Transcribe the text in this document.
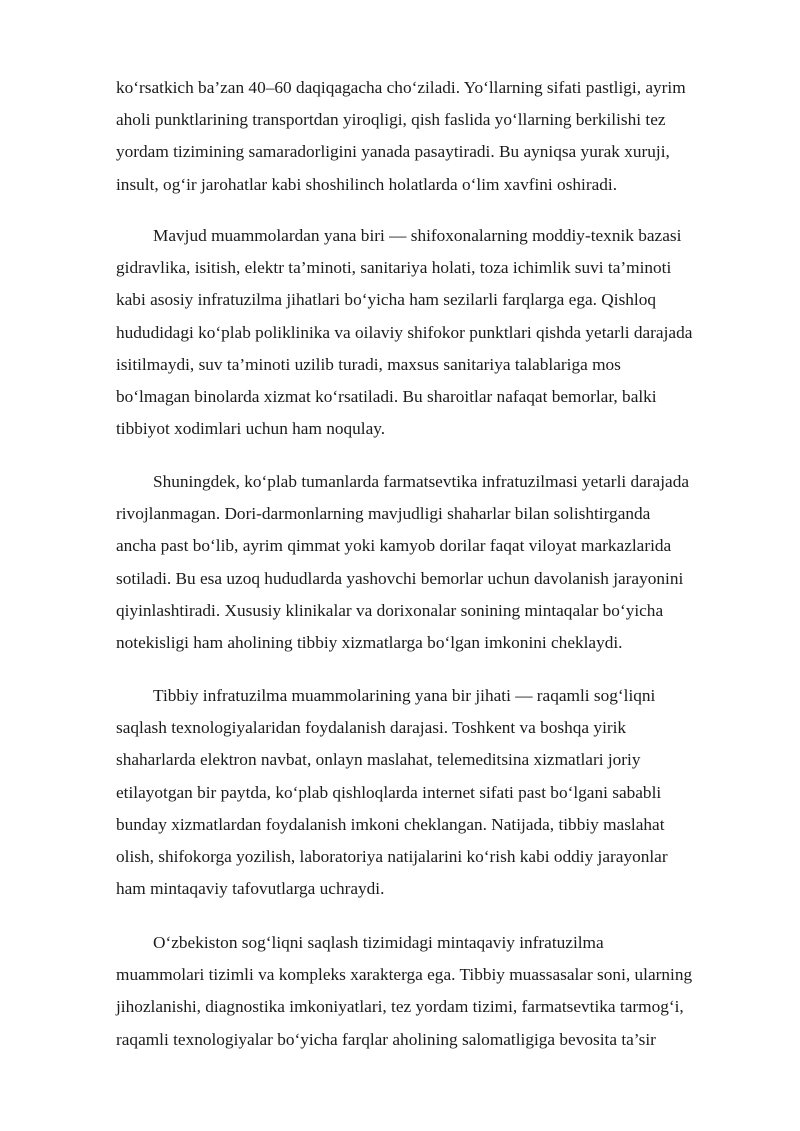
ko‘rsatkich ba’zan 40–60 daqiqagacha cho‘ziladi. Yo‘llarning sifati pastligi, ayrim
aholi punktlarining transportdan yiroqligi, qish faslida yo‘llarning berkilishi tez
yordam tizimining samaradorligini yanada pasaytiradi. Bu ayniqsa yurak xuruji,
insult, og‘ir jarohatlar kabi shoshilinch holatlarda o‘lim xavfini oshiradi.
Mavjud muammolardan yana biri — shifoxonalarning moddiy-texnik bazasi
gidravlika, isitish, elektr ta’minoti, sanitariya holati, toza ichimlik suvi ta’minoti
kabi asosiy infratuzilma jihatlari bo‘yicha ham sezilarli farqlarga ega. Qishloq
hududidagi ko‘plab poliklinika va oilaviy shifokor punktlari qishda yetarli darajada
isitilmaydi, suv ta’minoti uzilib turadi, maxsus sanitariya talablariga mos
bo‘lmagan binolarda xizmat ko‘rsatiladi. Bu sharoitlar nafaqat bemorlar, balki
tibbiyot xodimlari uchun ham noqulay.
Shuningdek, ko‘plab tumanlarda farmatsevtika infratuzilmasi yetarli darajada
rivojlanmagan. Dori-darmonlarning mavjudligi shaharlar bilan solishtirganda
ancha past bo‘lib, ayrim qimmat yoki kamyob dorilar faqat viloyat markazlarida
sotiladi. Bu esa uzoq hududlarda yashovchi bemorlar uchun davolanish jarayonini
qiyinlashtiradi. Xususiy klinikalar va dorixonalar sonining mintaqalar bo‘yicha
notekisligi ham aholining tibbiy xizmatlarga bo‘lgan imkonini cheklaydi.
Tibbiy infratuzilma muammolarining yana bir jihati — raqamli sog‘liqni
saqlash texnologiyalaridan foydalanish darajasi. Toshkent va boshqa yirik
shaharlarda elektron navbat, onlayn maslahat, telemeditsina xizmatlari joriy
etilayotgan bir paytda, ko‘plab qishloqlarda internet sifati past bo‘lgani sababli
bunday xizmatlardan foydalanish imkoni cheklangan. Natijada, tibbiy maslahat
olish, shifokorga yozilish, laboratoriya natijalarini ko‘rish kabi oddiy jarayonlar
ham mintaqaviy tafovutlarga uchraydi.
O‘zbekiston sog‘liqni saqlash tizimidagi mintaqaviy infratuzilma
muammolari tizimli va kompleks xarakterga ega. Tibbiy muassasalar soni, ularning
jihozlanishi, diagnostika imkoniyatlari, tez yordam tizimi, farmatsevtika tarmog‘i,
raqamli texnologiyalar bo‘yicha farqlar aholining salomatligiga bevosita ta’sir
